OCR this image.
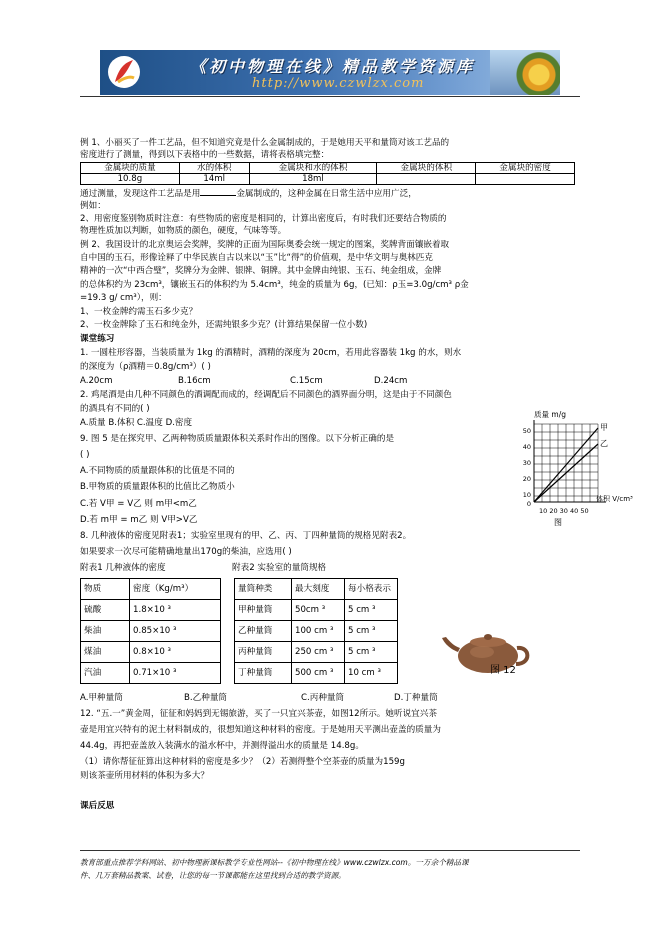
《初中物理在线》精品教学资源库
http://www.czwlzx.com
例 1、小丽买了一件工艺品，但不知道究竟是什么金属制成的，于是她用天平和量筒对该工艺品的
密度进行了测量，得到以下表格中的一些数据，请将表格填完整：
金属块的质量	水的体积	金属块和水的体积	金属块的体积	金属块的密度
10.8g	14ml	18ml		
通过测量，发现这件工艺品是用	金属制成的，这种金属在日常生活中应用广泛，
例如：
2、用密度鉴别物质时注意：有些物质的密度是相同的，计算出密度后，有时我们还要结合物质的
物理性质加以判断，如物质的颜色，硬度，气味等等。
例 2、我国设计的北京奥运会奖牌，奖牌的正面为国际奥委会统一规定的图案，奖牌背面镶嵌着取
自中国的玉石，形像诠释了中华民族自古以来以“玉”比“得”的价值观，是中华文明与奥林匹克
精神的一次“中西合璧”，奖牌分为金牌、银牌、铜牌。其中金牌由纯银、玉石、纯金组成，金牌
的总体积约为 23cm³，镶嵌玉石的体积约为 5.4cm³，纯金的质量为 6g，(已知：ρ玉=3.0g/cm³ ρ金
=19.3 g/ cm³），则：
1、一枚金牌约需玉石多少克？
2、一枚金牌除了玉石和纯金外，还需纯银多少克？(计算结果保留一位小数)
课堂练习
1. 一圆柱形容器，当装质量为 1kg 的酒精时，酒精的深度为 20cm，若用此容器装 1kg 的水，则水
的深度为（ρ酒精＝0.8g/cm³）( )
A.20cm	B.16cm	C.15cm	D.24cm
2. 鸡尾酒是由几种不同颜色的酒调配而成的，经调配后不同颜色的酒界面分明，这是由于不同颜色
的酒具有不同的( )
A.质量 B.体积 C.温度 D.密度
9. 图 5 是在探究甲、乙两种物质质量跟体积关系时作出的图像。以下分析正确的是
( )
A.不同物质的质量跟体积的比值是不同的
B.甲物质的质量跟体积的比值比乙物质小
C.若 V甲 = V乙 则 m甲<m乙
D.若 m甲 = m乙 则 V甲>V乙
质量 m/g
甲
乙
50
40
30
20
10
0
体积 V/cm³
10 20 30 40 50
图
8. 几种液体的密度见附表1；实验室里现有的甲、乙、丙、丁四种量筒的规格见附表2。
如果要求一次尽可能精确地量出170g的柴油，应选用( )
附表1 几种液体的密度	附表2 实验室的量筒规格
物质	密度（Kg/m³）
硫酸	1.8×10 ³
柴油	0.85×10 ³
煤油	0.8×10 ³
汽油	0.71×10 ³
量筒种类	最大刻度	每小格表示
甲种量筒	50cm ³	5 cm ³
乙种量筒	100 cm ³	5 cm ³
丙种量筒	250 cm ³	5 cm ³
丁种量筒	500 cm ³	10 cm ³	图 12
A.甲种量筒	B.乙种量筒	C.丙种量筒	D.丁种量筒
12. “五.一”黄金周，征征和妈妈到无锡旅游，买了一只宜兴茶壶，如图12所示。她听说宜兴茶
壶是用宜兴特有的泥土材料制成的，很想知道这种材料的密度。于是她用天平测出壶盖的质量为
44.4g，再把壶盖放入装满水的溢水杯中，并测得溢出水的质量是 14.8g。
（1）请你帮征征算出这种材料的密度是多少？（2）若测得整个空茶壶的质量为159g
则该茶壶所用材料的体积为多大？
课后反思
教育部重点推荐学科网站、初中物理新课标教学专业性网站--《初中物理在线》www.czwlzx.com。一万余个精品课
件、几万套精品教案、试卷，让您的每一节课都能在这里找到合适的教学资源。
